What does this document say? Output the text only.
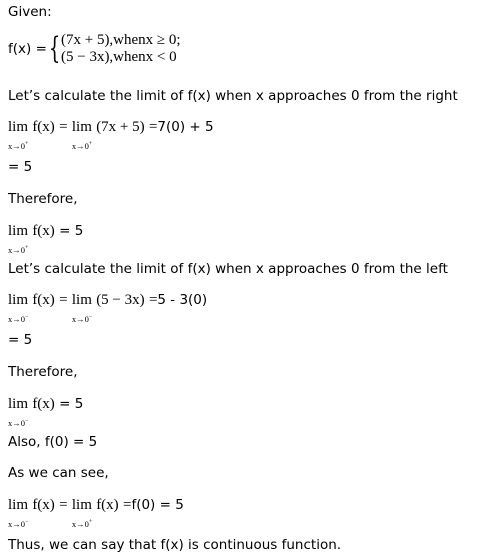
Given:
f(x) ={(7x + 5),whenx ≥ 0;
(5 − 3x),whenx < 0
Let’s calculate the limit of f(x) when x approaches 0 from the right
lim
x→0+
f(x) = lim
x→0+
(7x + 5) =7(0) + 5
= 5
Therefore,
lim
x→0+
f(x) = 5
Let’s calculate the limit of f(x) when x approaches 0 from the left
lim
x→0−
f(x) = lim
x→0−
(5 − 3x) =5 - 3(0)
= 5
Therefore,
lim
x→0−
f(x) = 5
Also, f(0) = 5
As we can see,
lim
x→0−
f(x) = lim
x→0+
f(x) =f(0) = 5
Thus, we can say that f(x) is continuous function.
